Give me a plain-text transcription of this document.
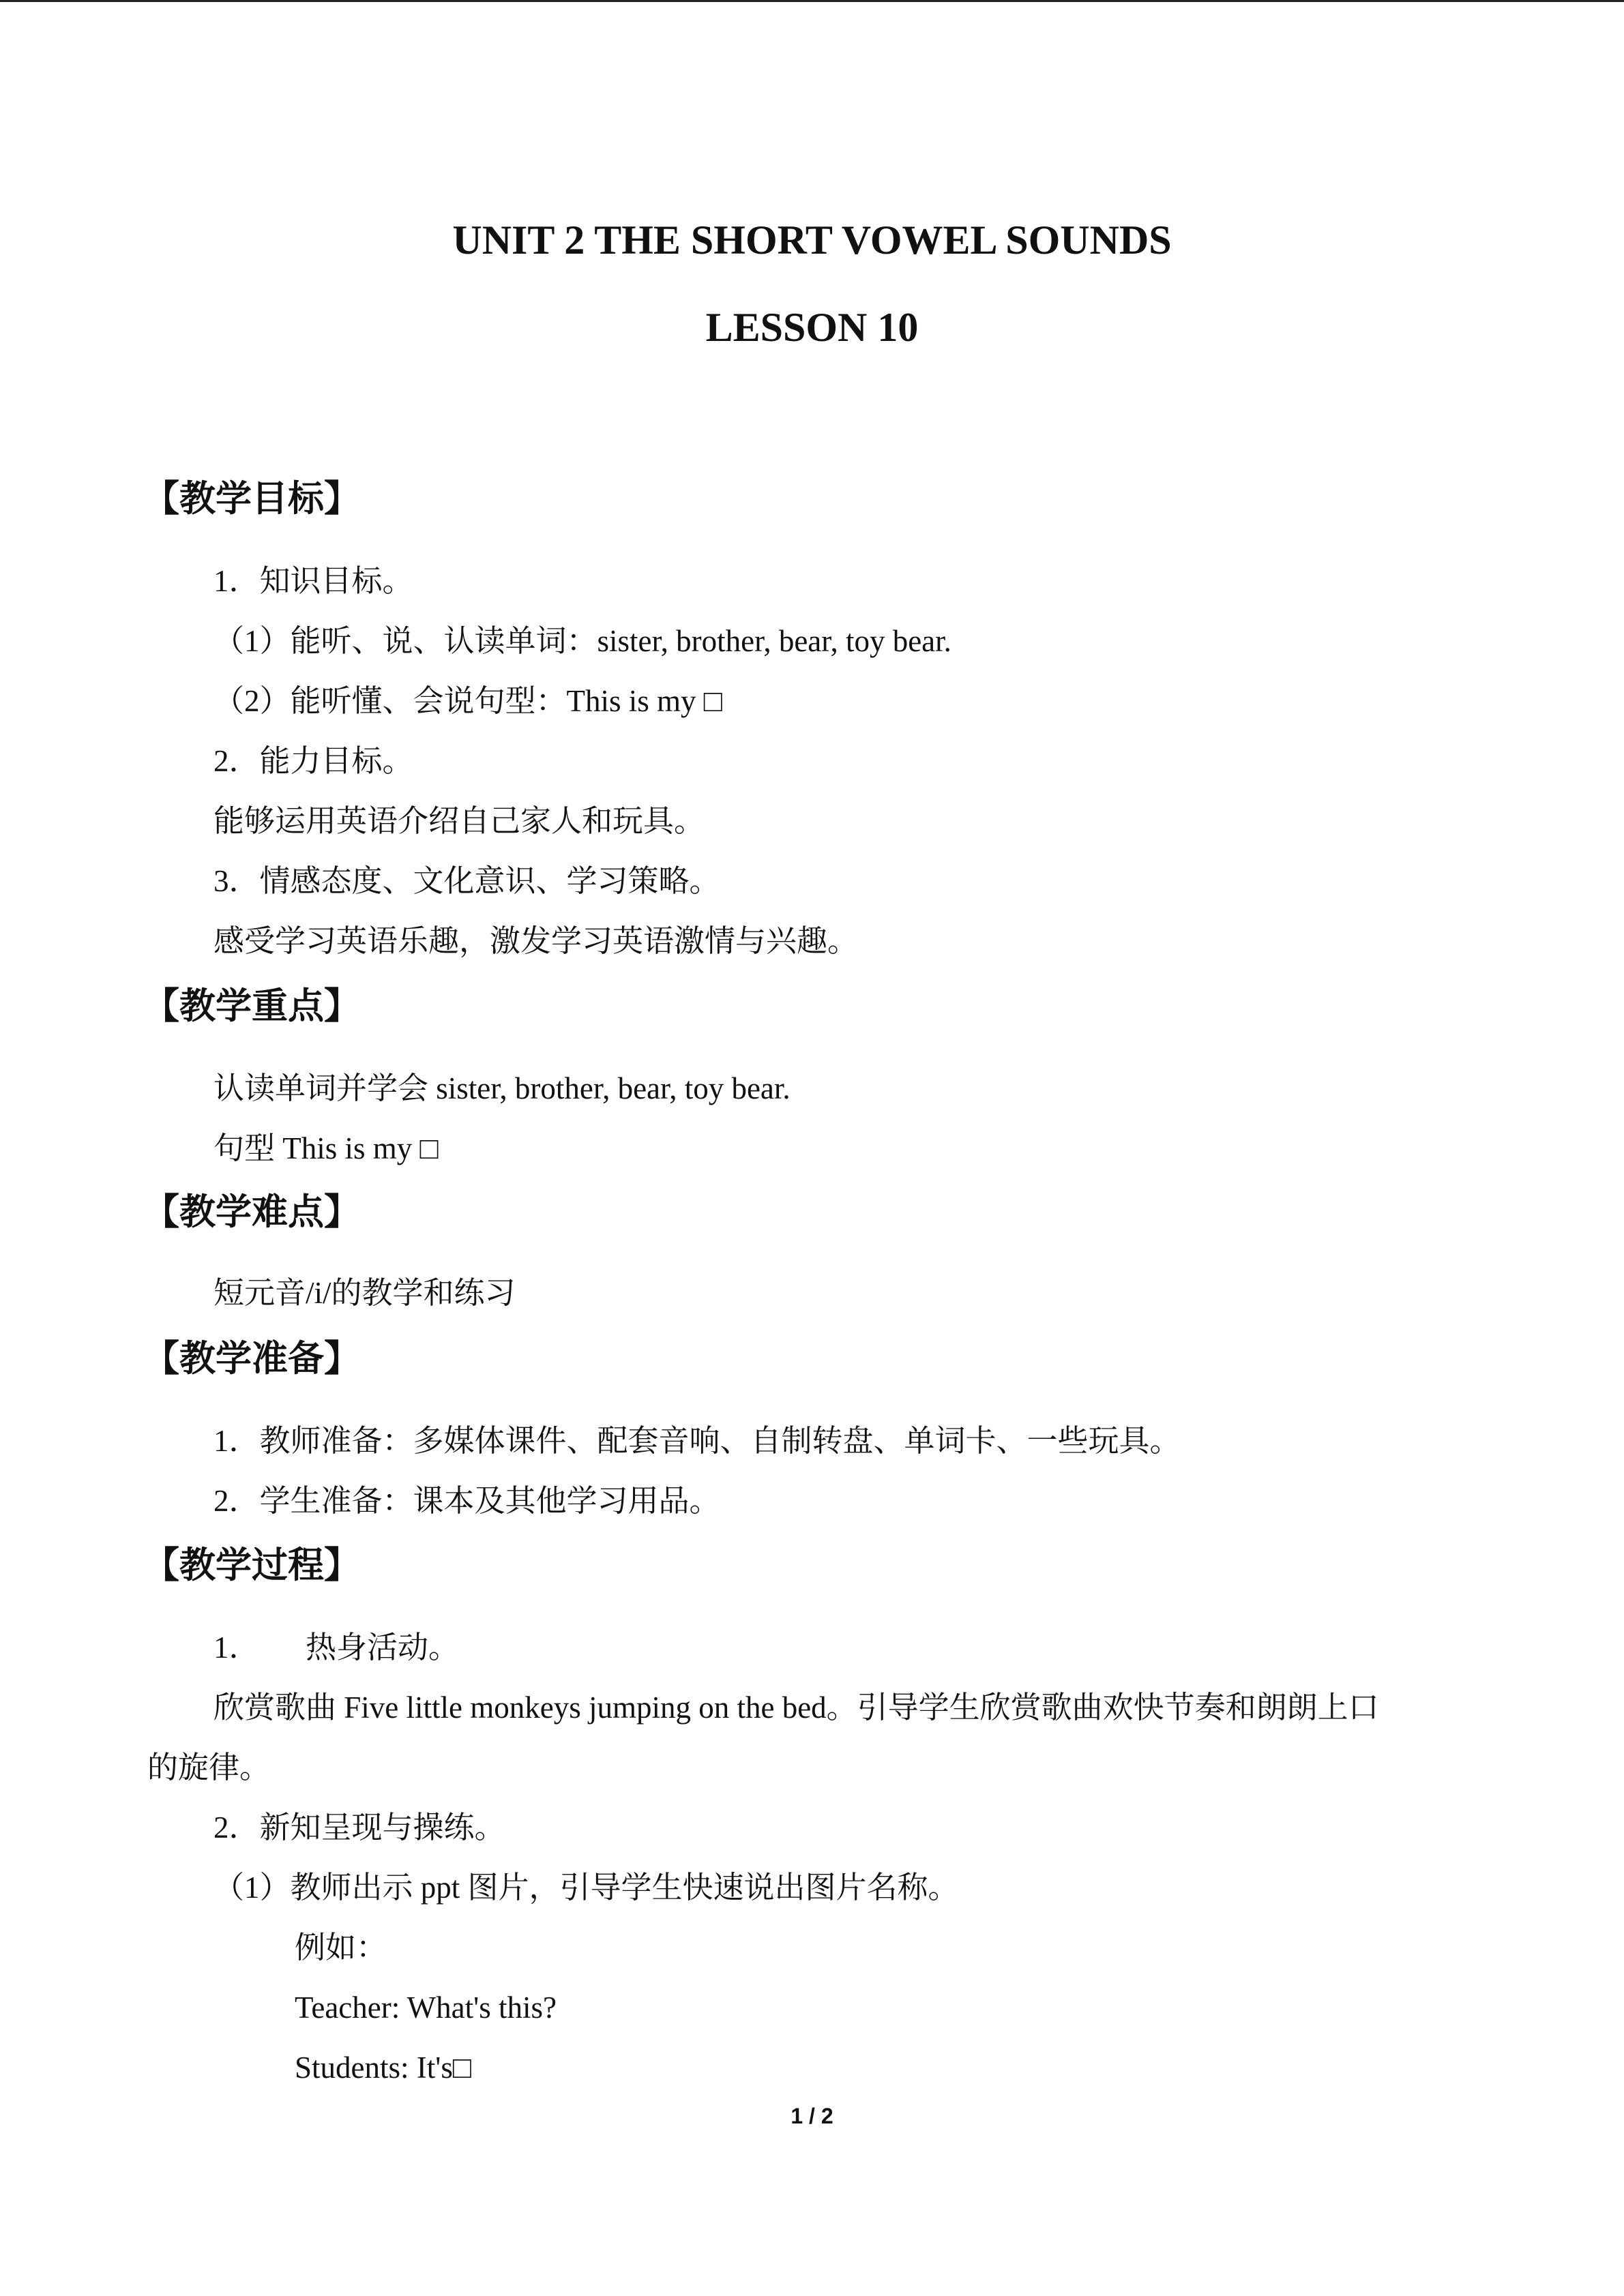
UNIT 2 THE SHORT VOWEL SOUNDS
LESSON 10
【教学目标】
1．知识目标。
（1）能听、说、认读单词：sister, brother, bear, toy bear.
（2）能听懂、会说句型：This is my □
2．能力目标。
能够运用英语介绍自己家人和玩具。
3．情感态度、文化意识、学习策略。
感受学习英语乐趣，激发学习英语激情与兴趣。
【教学重点】
认读单词并学会 sister, brother, bear, toy bear.
句型 This is my □
【教学难点】
短元音/i/的教学和练习
【教学准备】
1．教师准备：多媒体课件、配套音响、自制转盘、单词卡、一些玩具。
2．学生准备：课本及其他学习用品。
【教学过程】
1．　　热身活动。
欣赏歌曲 Five little monkeys jumping on the bed。引导学生欣赏歌曲欢快节奏和朗朗上口
的旋律。
2．新知呈现与操练。
（1）教师出示 ppt 图片，引导学生快速说出图片名称。
例如：
Teacher: What's this?
Students: It's□
1 / 2
